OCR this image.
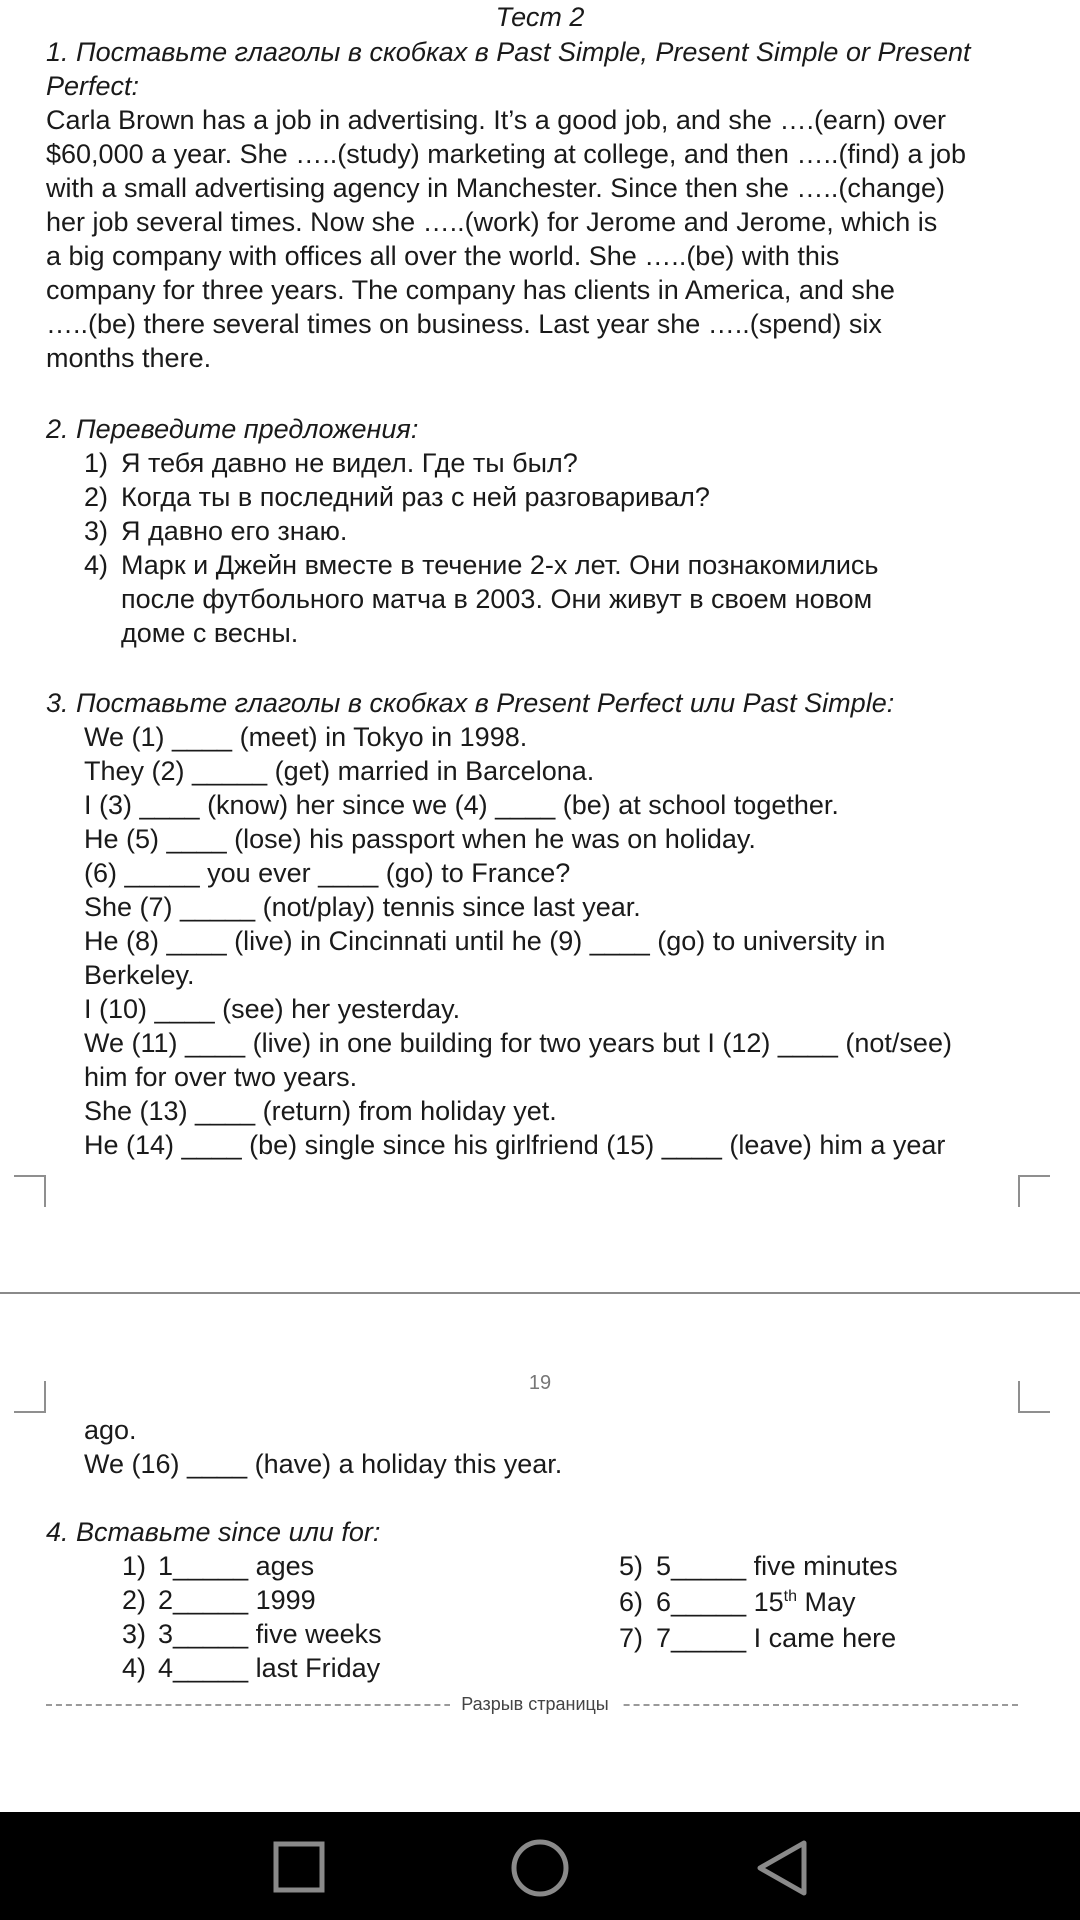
Тест 2
1. Поставьте глаголы в скобках в Past Simple, Present Simple or Present
Perfect:
Carla Brown has a job in advertising. It’s a good job, and she ….(earn) over
$60,000 a year. She …..(study) marketing at college, and then …..(find) a job
with a small advertising agency in Manchester. Since then she …..(change)
her job several times. Now she …..(work) for Jerome and Jerome, which is
a big company with offices all over the world. She …..(be) with this
company for three years. The company has clients in America, and she
…..(be) there several times on business. Last year she …..(spend) six
months there.
2. Переведите предложения:
1) Я тебя давно не видел. Где ты был?
2) Когда ты в последний раз с ней разговаривал?
3) Я давно его знаю.
4) Марк и Джейн вместе в течение 2-х лет. Они познакомились
после футбольного матча в 2003. Они живут в своем новом
доме с весны.
3. Поставьте глаголы в скобках в Present Perfect или Past Simple:
We (1) ____ (meet) in Tokyo in 1998.
They (2) _____ (get) married in Barcelona.
I (3) ____ (know) her since we (4) ____ (be) at school together.
He (5) ____ (lose) his passport when he was on holiday.
(6) _____ you ever ____ (go) to France?
She (7) _____ (not/play) tennis since last year.
He (8) ____ (live) in Cincinnati until he (9) ____ (go) to university in
Berkeley.
I (10) ____ (see) her yesterday.
We (11) ____ (live) in one building for two years but I (12) ____ (not/see)
him for over two years.
She (13) ____ (return) from holiday yet.
He (14) ____ (be) single since his girlfriend (15) ____ (leave) him a year
19
ago.
We (16) ____ (have) a holiday this year.
4. Вставьте since или for:
1) 1_____ ages
2) 2_____ 1999
3) 3_____ five weeks
4) 4_____ last Friday
5) 5_____ five minutes
6) 6_____ 15th May
7) 7_____ I came here
Разрыв страницы
